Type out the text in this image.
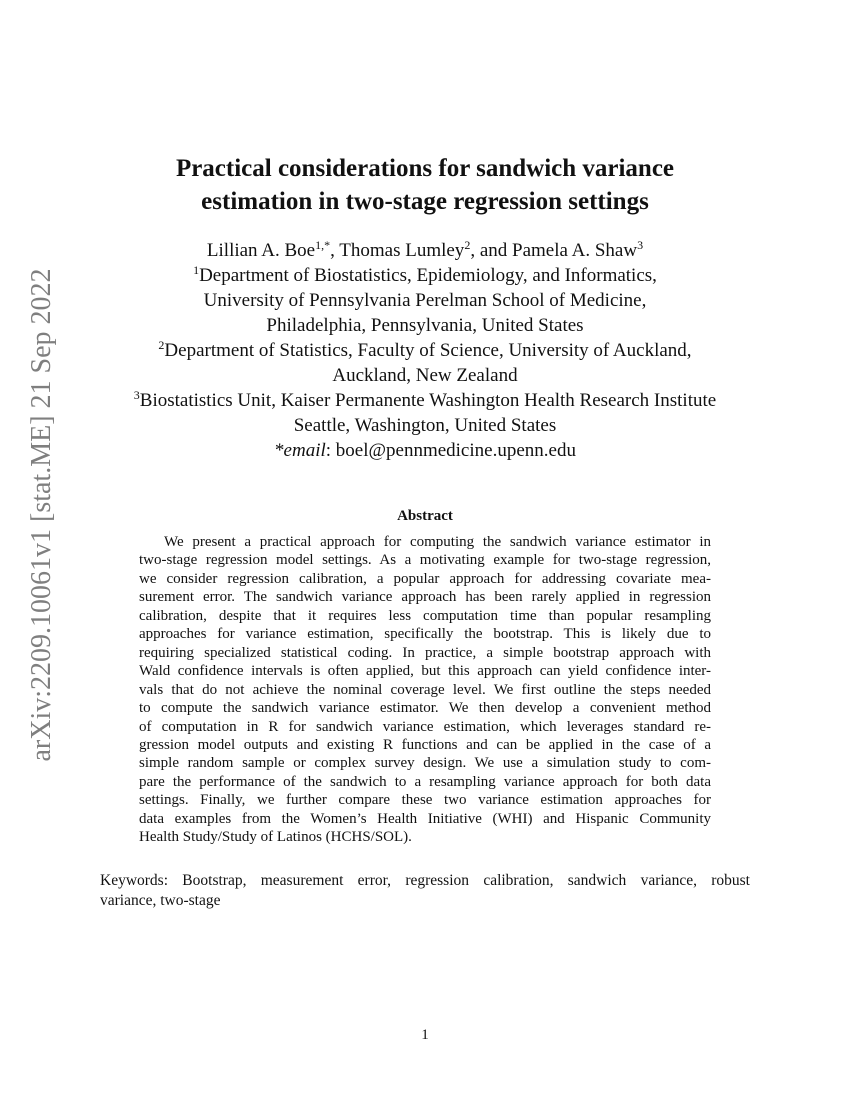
arXiv:2209.10061v1 [stat.ME] 21 Sep 2022
Practical considerations for sandwich variance
estimation in two-stage regression settings
Lillian A. Boe$^{1,*}$, Thomas Lumley$^2$, and Pamela A. Shaw$^3$
$^1$Department of Biostatistics, Epidemiology, and Informatics,
University of Pennsylvania Perelman School of Medicine,
Philadelphia, Pennsylvania, United States
$^2$Department of Statistics, Faculty of Science, University of Auckland,
Auckland, New Zealand
$^3$Biostatistics Unit, Kaiser Permanente Washington Health Research Institute
Seattle, Washington, United States
*email: boel@pennmedicine.upenn.edu
Abstract
We present a practical approach for computing the sandwich variance estimator in
two-stage regression model settings. As a motivating example for two-stage regression,
we consider regression calibration, a popular approach for addressing covariate mea-
surement error. The sandwich variance approach has been rarely applied in regression
calibration, despite that it requires less computation time than popular resampling
approaches for variance estimation, specifically the bootstrap. This is likely due to
requiring specialized statistical coding. In practice, a simple bootstrap approach with
Wald confidence intervals is often applied, but this approach can yield confidence inter-
vals that do not achieve the nominal coverage level. We first outline the steps needed
to compute the sandwich variance estimator. We then develop a convenient method
of computation in R for sandwich variance estimation, which leverages standard re-
gression model outputs and existing R functions and can be applied in the case of a
simple random sample or complex survey design. We use a simulation study to com-
pare the performance of the sandwich to a resampling variance approach for both data
settings. Finally, we further compare these two variance estimation approaches for
data examples from the Women’s Health Initiative (WHI) and Hispanic Community
Health Study/Study of Latinos (HCHS/SOL).
Keywords: Bootstrap, measurement error, regression calibration, sandwich variance, robust
variance, two-stage
1
